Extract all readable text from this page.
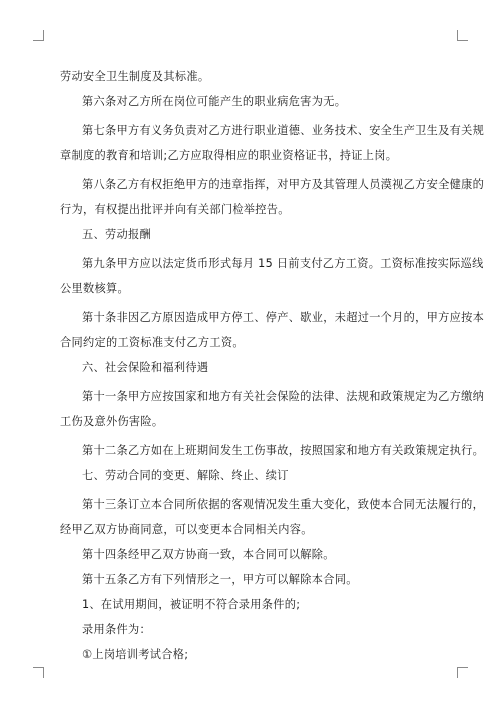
劳动安全卫生制度及其标准。
第六条对乙方所在岗位可能产生的职业病危害为无。
第七条甲方有义务负责对乙方进行职业道德、业务技术、安全生产卫生及有关规
章制度的教育和培训;乙方应取得相应的职业资格证书，持证上岗。
第八条乙方有权拒绝甲方的违章指挥，对甲方及其管理人员漠视乙方安全健康的
行为，有权提出批评并向有关部门检举控告。
五、劳动报酬
第九条甲方应以法定货币形式每月 15 日前支付乙方工资。工资标准按实际巡线
公里数核算。
第十条非因乙方原因造成甲方停工、停产、歇业，未超过一个月的，甲方应按本
合同约定的工资标准支付乙方工资。
六、社会保险和福利待遇
第十一条甲方应按国家和地方有关社会保险的法律、法规和政策规定为乙方缴纳
工伤及意外伤害险。
第十二条乙方如在上班期间发生工伤事故，按照国家和地方有关政策规定执行。
七、劳动合同的变更、解除、终止、续订
第十三条订立本合同所依据的客观情况发生重大变化，致使本合同无法履行的，
经甲乙双方协商同意，可以变更本合同相关内容。
第十四条经甲乙双方协商一致，本合同可以解除。
第十五条乙方有下列情形之一，甲方可以解除本合同。
1、在试用期间，被证明不符合录用条件的;
录用条件为：
①上岗培训考试合格;
